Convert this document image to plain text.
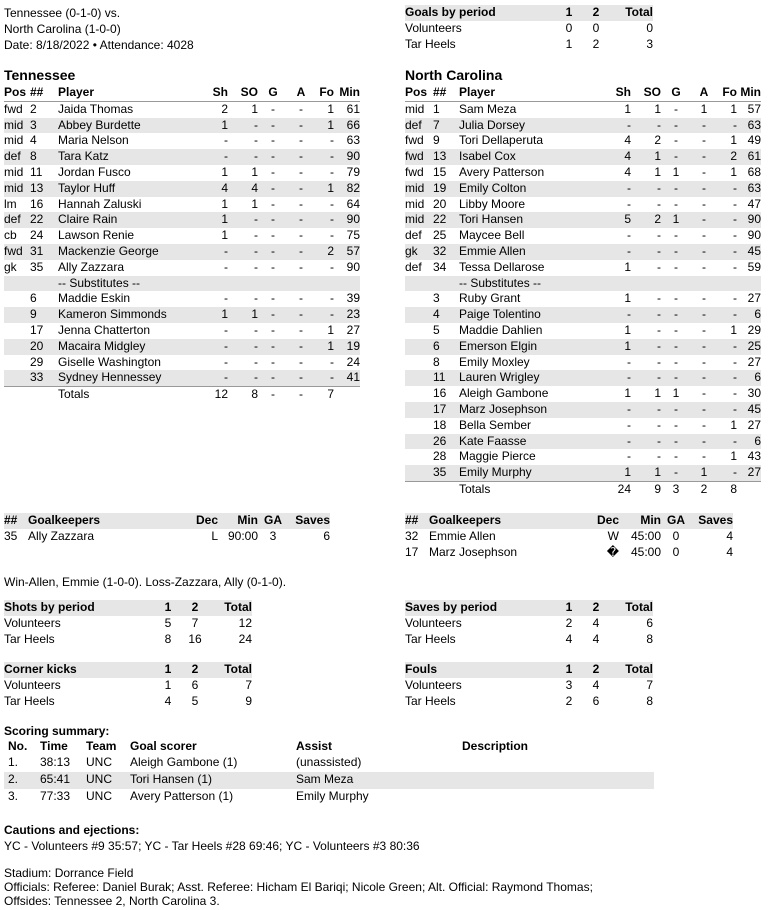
Tennessee (0-1-0) vs.
North Carolina (1-0-0)
Date: 8/18/2022 • Attendance: 4028
Goals by period	1	2	Total
Volunteers	0	0	0
Tar Heels	1	2	3
Tennessee	North Carolina
Pos	##	Player	Sh	SO	G	A	Fo	Min
fwd	2	Jaida Thomas	2	1	-	-	1	61
mid	3	Abbey Burdette	1	-	-	-	1	66
mid	4	Maria Nelson	-	-	-	-	-	63
def	8	Tara Katz	-	-	-	-	-	90
mid	11	Jordan Fusco	1	1	-	-	-	79
mid	13	Taylor Huff	4	4	-	-	1	82
lm	16	Hannah Zaluski	1	1	-	-	-	64
def	22	Claire Rain	1	-	-	-	-	90
cb	24	Lawson Renie	1	-	-	-	-	75
fwd	31	Mackenzie George	-	-	-	-	2	57
gk	35	Ally Zazzara	-	-	-	-	-	90
		-- Substitutes --						
	6	Maddie Eskin	-	-	-	-	-	39
	9	Kameron Simmonds	1	1	-	-	-	23
	17	Jenna Chatterton	-	-	-	-	1	27
	20	Macaira Midgley	-	-	-	-	1	19
	29	Giselle Washington	-	-	-	-	-	24
	33	Sydney Hennessey	-	-	-	-	-	41
		Totals	12	8	-	-	7	
Pos	##	Player	Sh	SO	G	A	Fo	Min
mid	1	Sam Meza	1	1	-	1	1	57
def	7	Julia Dorsey	-	-	-	-	-	63
fwd	9	Tori Dellaperuta	4	2	-	-	1	49
fwd	13	Isabel Cox	4	1	-	-	2	61
fwd	15	Avery Patterson	4	1	1	-	1	68
mid	19	Emily Colton	-	-	-	-	-	63
mid	20	Libby Moore	-	-	-	-	-	47
mid	22	Tori Hansen	5	2	1	-	-	90
def	25	Maycee Bell	-	-	-	-	-	90
gk	32	Emmie Allen	-	-	-	-	-	45
def	34	Tessa Dellarose	1	-	-	-	-	59
		-- Substitutes --						
	3	Ruby Grant	1	-	-	-	-	27
	4	Paige Tolentino	-	-	-	-	-	6
	5	Maddie Dahlien	1	-	-	-	1	29
	6	Emerson Elgin	1	-	-	-	-	25
	8	Emily Moxley	-	-	-	-	-	27
	11	Lauren Wrigley	-	-	-	-	-	6
	16	Aleigh Gambone	1	1	1	-	-	30
	17	Marz Josephson	-	-	-	-	-	45
	18	Bella Sember	-	-	-	-	1	27
	26	Kate Faasse	-	-	-	-	-	6
	28	Maggie Pierce	-	-	-	-	1	43
	35	Emily Murphy	1	1	-	1	-	27
		Totals	24	9	3	2	8	
##	Goalkeepers	Dec	Min	GA	Saves
35	Ally Zazzara	L	90:00	3	6
##	Goalkeepers	Dec	Min	GA	Saves
32	Emmie Allen	W	45:00	0	4
17	Marz Josephson	�	45:00	0	4
Win-Allen, Emmie (1-0-0). Loss-Zazzara, Ally (0-1-0).
Shots by period	1	2	Total
Volunteers	5	7	12
Tar Heels	8	16	24
Saves by period	1	2	Total
Volunteers	2	4	6
Tar Heels	4	4	8
Corner kicks	1	2	Total
Volunteers	1	6	7
Tar Heels	4	5	9
Fouls	1	2	Total
Volunteers	3	4	7
Tar Heels	2	6	8
Scoring summary:
No.	Time	Team	Goal scorer	Assist	Description
1.	38:13	UNC	Aleigh Gambone (1)	(unassisted)	
2.	65:41	UNC	Tori Hansen (1)	Sam Meza	
3.	77:33	UNC	Avery Patterson (1)	Emily Murphy	
Cautions and ejections:
YC - Volunteers #9 35:57; YC - Tar Heels #28 69:46; YC - Volunteers #3 80:36
Stadium: Dorrance Field
Officials: Referee: Daniel Burak; Asst. Referee: Hicham El Bariqi; Nicole Green; Alt. Official: Raymond Thomas;
Offsides: Tennessee 2, North Carolina 3.
